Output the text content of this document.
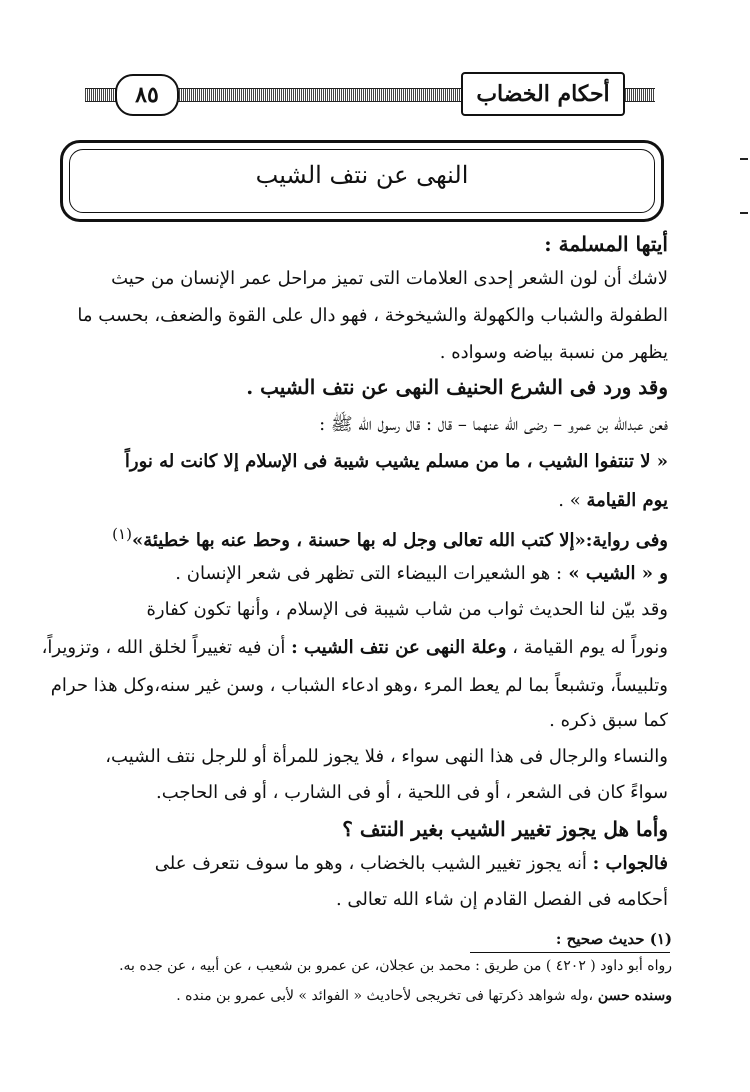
٨٥	أحكام الخضاب
النهى عن نتف الشيب
أيتها المسلمة :
لاشك أن لون الشعر إحدى العلامات التى تميز مراحل عمر الإنسان من حيث
الطفولة والشباب والكهولة والشيخوخة ، فهو دال على القوة والضعف، بحسب ما
يظهر من نسبة بياضه وسواده .
وقد ورد فى الشرع الحنيف النهى عن نتف الشيب .
فعن عبدالله بن عمرو – رضى الله عنهما – قال : قال رسول الله ﷺ :
« لا تنتفوا الشيب ، ما من مسلم يشيب شيبة فى الإسلام إلا كانت له نوراً
يوم القيامة » .
وفى رواية:«إلا كتب الله تعالى وجل له بها حسنة ، وحط عنه بها خطيئة»$^{(١)}$
و « الشيب » : هو الشعيرات البيضاء التى تظهر فى شعر الإنسان .
وقد بيّن لنا الحديث ثواب من شاب شيبة فى الإسلام ، وأنها تكون كفارة
ونوراً له يوم القيامة ، وعلة النهى عن نتف الشيب : أن فيه تغييراً لخلق الله ، وتزويراً،
وتلبيساً، وتشبعاً بما لم يعط المرء ،وهو ادعاء الشباب ، وسن غير سنه،وكل هذا حرام
كما سبق ذكره .
والنساء والرجال فى هذا النهى سواء ، فلا يجوز للمرأة أو للرجل نتف الشيب،
سواءً كان فى الشعر ، أو فى اللحية ، أو فى الشارب ، أو فى الحاجب.
وأما هل يجوز تغيير الشيب بغير النتف ؟
فالجواب : أنه يجوز تغيير الشيب بالخضاب ، وهو ما سوف نتعرف على
أحكامه فى الفصل القادم إن شاء الله تعالى .
(١) حديث صحيح :
رواه أبو داود ( ٤٢٠٢ ) من طريق : محمد بن عجلان، عن عمرو بن شعيب ، عن أبيه ، عن جده به.
وسنده حسن ،وله شواهد ذكرتها فى تخريجى لأحاديث « الفوائد » لأبى عمرو بن منده .
